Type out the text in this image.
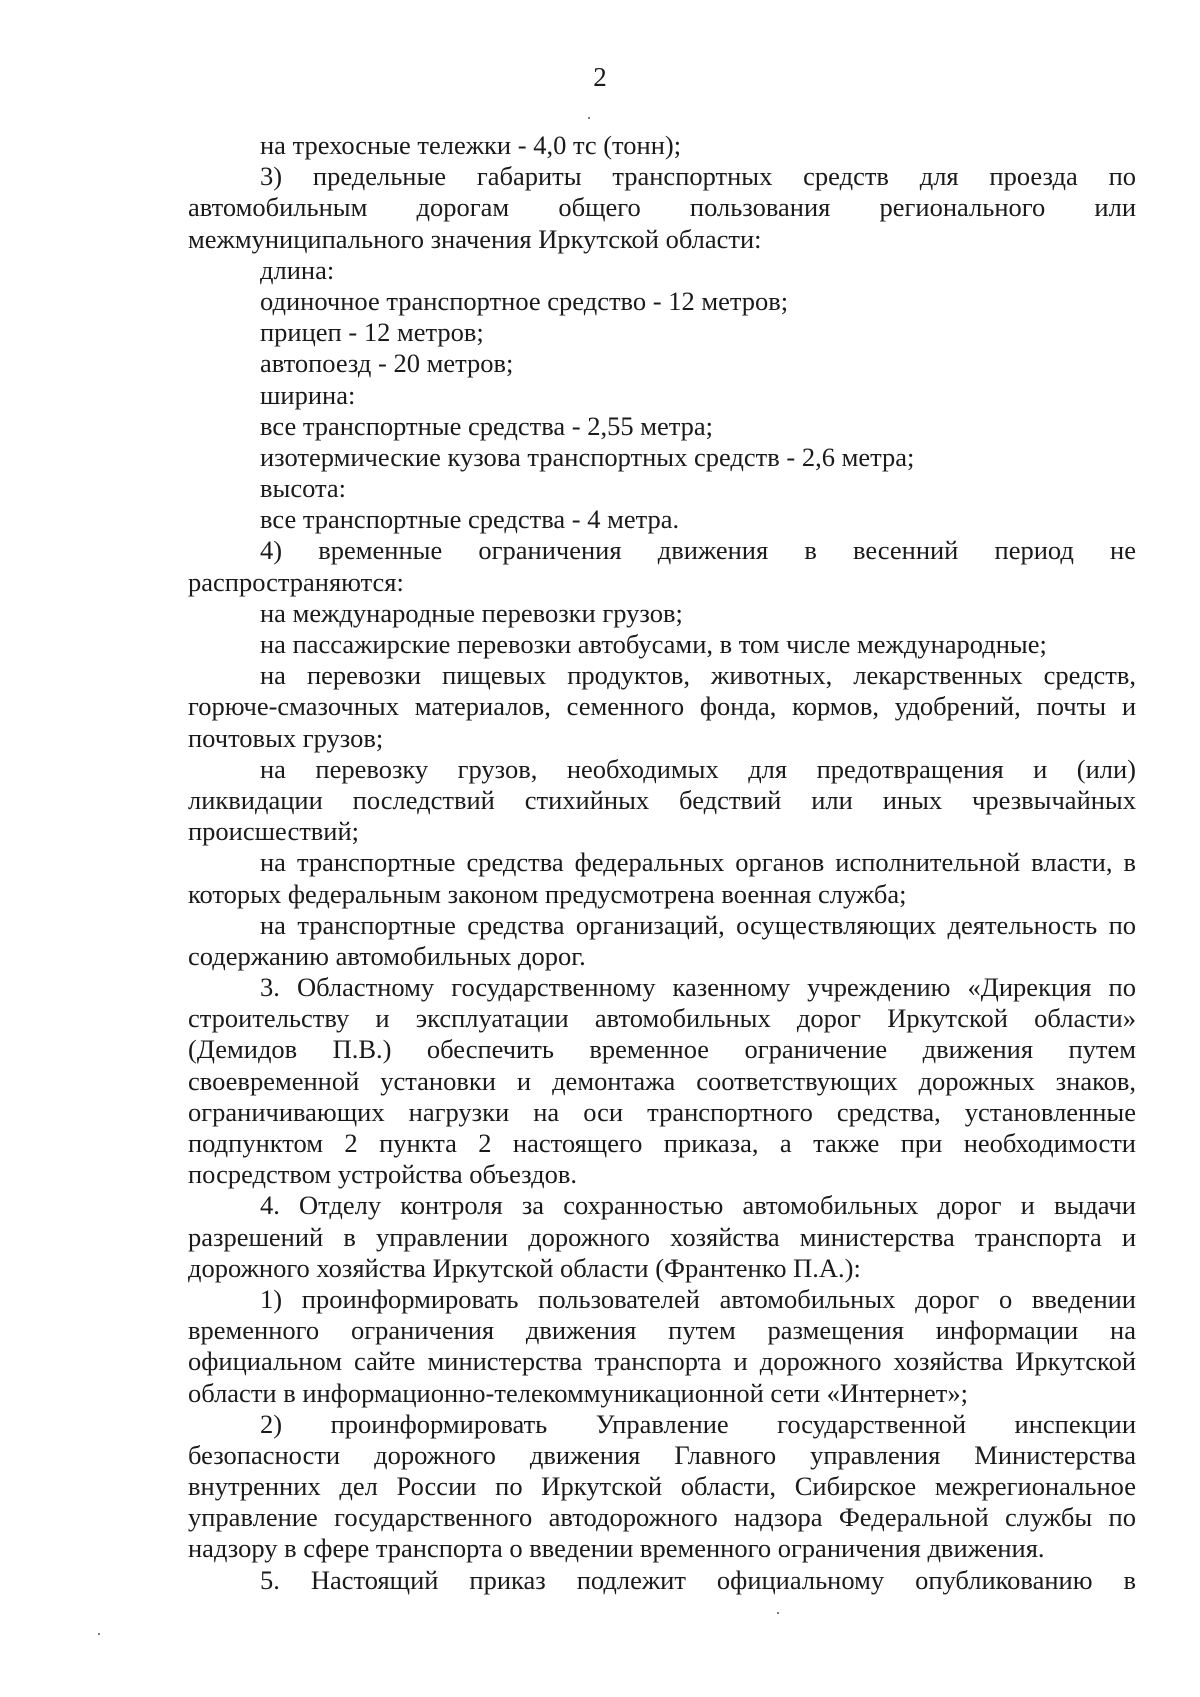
2
на трехосные тележки - 4,0 тс (тонн);
3) предельные габариты транспортных средств для проезда по
автомобильным дорогам общего пользования регионального или
межмуниципального значения Иркутской области:
длина:
одиночное транспортное средство - 12 метров;
прицеп - 12 метров;
автопоезд - 20 метров;
ширина:
все транспортные средства - 2,55 метра;
изотермические кузова транспортных средств - 2,6 метра;
высота:
все транспортные средства - 4 метра.
4) временные ограничения движения в весенний период не
распространяются:
на международные перевозки грузов;
на пассажирские перевозки автобусами, в том числе международные;
на перевозки пищевых продуктов, животных, лекарственных средств,
горюче-смазочных материалов, семенного фонда, кормов, удобрений, почты и
почтовых грузов;
на перевозку грузов, необходимых для предотвращения и (или)
ликвидации последствий стихийных бедствий или иных чрезвычайных
происшествий;
на транспортные средства федеральных органов исполнительной власти, в
которых федеральным законом предусмотрена военная служба;
на транспортные средства организаций, осуществляющих деятельность по
содержанию автомобильных дорог.
3. Областному государственному казенному учреждению «Дирекция по
строительству и эксплуатации автомобильных дорог Иркутской области»
(Демидов П.В.) обеспечить временное ограничение движения путем
своевременной установки и демонтажа соответствующих дорожных знаков,
ограничивающих нагрузки на оси транспортного средства, установленные
подпунктом 2 пункта 2 настоящего приказа, а также при необходимости
посредством устройства объездов.
4. Отделу контроля за сохранностью автомобильных дорог и выдачи
разрешений в управлении дорожного хозяйства министерства транспорта и
дорожного хозяйства Иркутской области (Франтенко П.А.):
1) проинформировать пользователей автомобильных дорог о введении
временного ограничения движения путем размещения информации на
официальном сайте министерства транспорта и дорожного хозяйства Иркутской
области в информационно-телекоммуникационной сети «Интернет»;
2) проинформировать Управление государственной инспекции
безопасности дорожного движения Главного управления Министерства
внутренних дел России по Иркутской области, Сибирское межрегиональное
управление государственного автодорожного надзора Федеральной службы по
надзору в сфере транспорта о введении временного ограничения движения.
5. Настоящий приказ подлежит официальному опубликованию в
